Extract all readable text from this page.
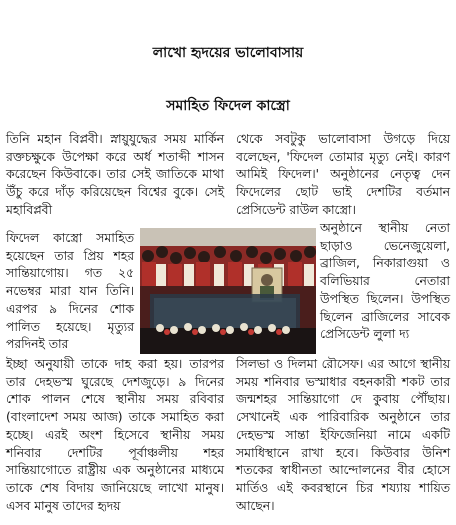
লাখো হৃদয়ের ভালোবাসায়
সমাহিত ফিদেল কাস্ত্রো
তিনি মহান বিপ্লবী। স্নায়ুযুদ্ধের সময় মার্কিন রক্তচক্ষুকে উপেক্ষা করে অর্ধ শতাব্দী শাসন করেছেন কিউবাকে। তার সেই জাতিকে মাথা উঁচু করে দাঁড় করিয়েছেন বিশ্বের বুকে। সেই মহাবিপ্লবী
থেকে সবটুকু ভালোবাসা উগড়ে দিয়ে বলেছেন, 'ফিদেল তোমার মৃত্যু নেই। কারণ আমিই ফিদেল।' অনুষ্ঠানের নেতৃত্ব দেন ফিদেলের ছোট ভাই দেশটির বর্তমান প্রেসিডেন্ট রাউল কাস্ত্রো।
ফিদেল কাস্ত্রো সমাহিত হয়েছেন তার প্রিয় শহর সান্তিয়াগোয়। গত ২৫ নভেম্বর মারা যান তিনি। এরপর ৯ দিনের শোক পালিত হয়েছে। মৃত্যুর পরদিনই তার
অনুষ্ঠানে স্থানীয় নেতা ছাড়াও ভেনেজুয়েলা, ব্রাজিল, নিকারাগুয়া ও বলিভিয়ার নেতারা উপস্থিত ছিলেন। উপস্থিত ছিলেন ব্রাজিলের সাবেক প্রেসিডেন্ট লুলা দ্য
ইচ্ছা অনুযায়ী তাকে দাহ করা হয়। তারপর তার দেহভস্ম ঘুরেছে দেশজুড়ে। ৯ দিনের শোক পালন শেষে স্থানীয় সময় রবিবার (বাংলাদেশ সময় আজ) তাকে সমাহিত করা হচ্ছে। এরই অংশ হিসেবে স্থানীয় সময় শনিবার দেশটির পূর্বাঞ্চলীয় শহর সান্তিয়াগোতে রাষ্ট্রীয় এক অনুষ্ঠানের মাধ্যমে তাকে শেষ বিদায় জানিয়েছে লাখো মানুষ। এসব মানুষ তাদের হৃদয়
সিলভা ও দিলমা রৌসেফ। এর আগে স্থানীয় সময় শনিবার ভস্মাধার বহনকারী শকট তার জন্মশহর সান্তিয়াগো দে কুবায় পৌঁছায়। সেখানেই এক পারিবারিক অনুষ্ঠানে তার দেহভস্ম সান্তা ইফিজেনিয়া নামে একটি সমাধিস্থানে রাখা হবে। কিউবার উনিশ শতকের স্বাধীনতা আন্দোলনের বীর হোসে মার্তিও এই কবরস্থানে চির শয্যায় শায়িত আছেন।
